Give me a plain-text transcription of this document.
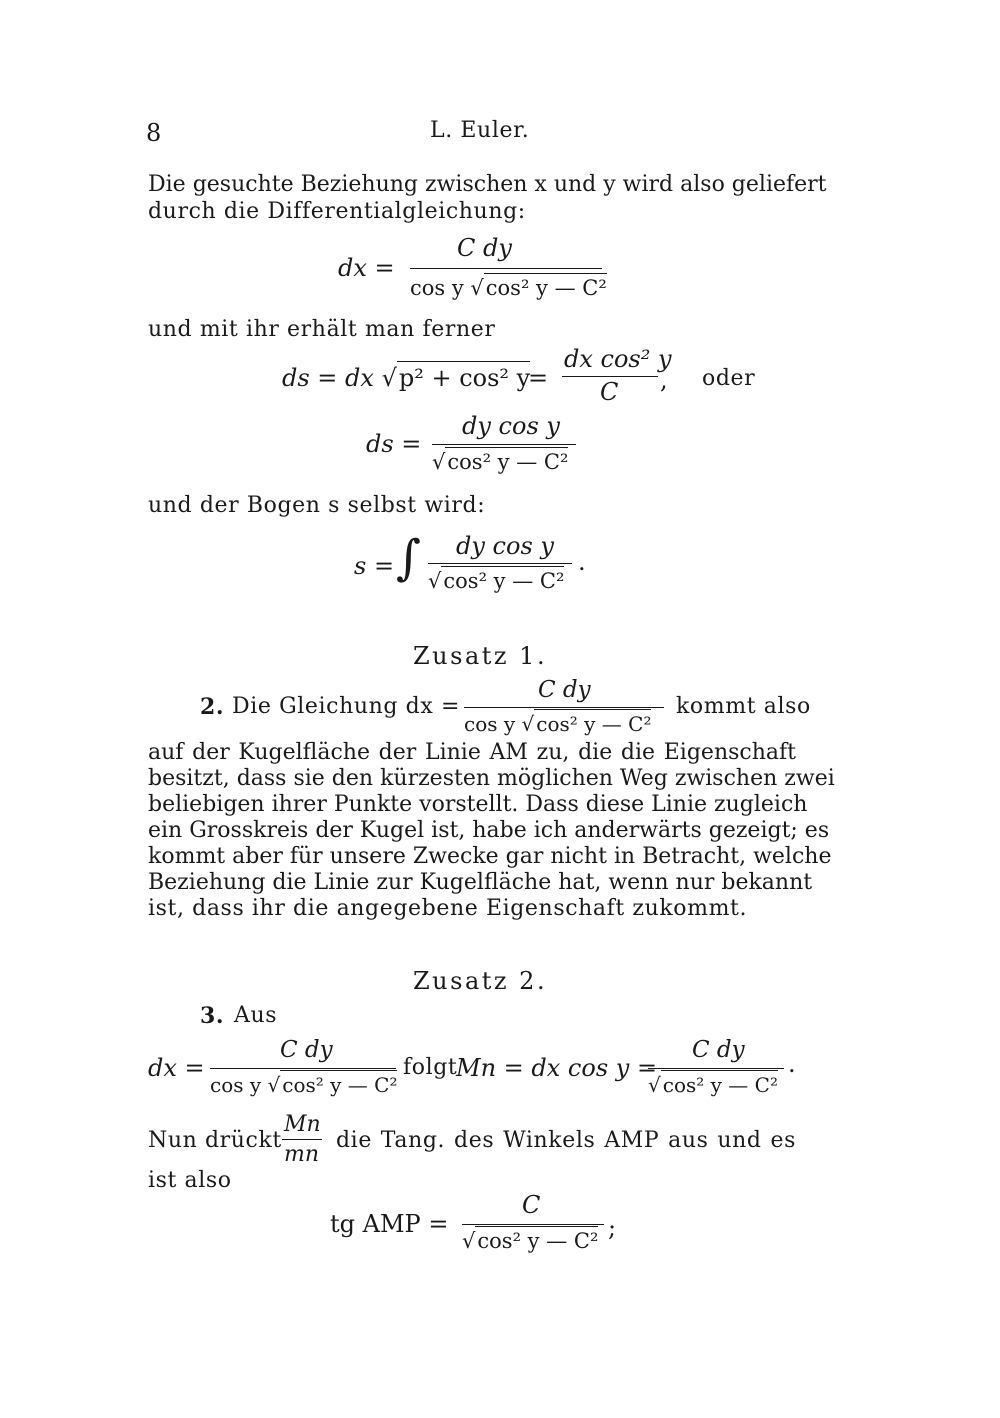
8	L. Euler.
Die gesuchte Beziehung zwischen x und y wird also geliefert
durch die Differentialgleichung:
dx =
C dy
cos y √cos² y — C²
und mit ihr erhält man ferner
ds = dx √p² + cos² y
=
dx cos² y
C , oder
ds =
dy cos y
√cos² y — C²
und der Bogen s selbst wird:
s = ∫ dy cos y
√cos² y — C²
.
Zusatz 1.
2. Die Gleichung dx =
C dy
cos y √ cos² y — C²
kommt also
auf der Kugelfläche der Linie AM zu, die die Eigenschaft
besitzt, dass sie den kürzesten möglichen Weg zwischen zwei
beliebigen ihrer Punkte vorstellt. Dass diese Linie zugleich
ein Grosskreis der Kugel ist, habe ich anderwärts gezeigt; es
kommt aber für unsere Zwecke gar nicht in Betracht, welche
Beziehung die Linie zur Kugelfläche hat, wenn nur bekannt
ist, dass ihr die angegebene Eigenschaft zukommt.
Zusatz 2.
3. Aus
dx =
C dy
cos y √ cos² y — C²
folgt
Mn = dx cos y =
C dy
√ cos² y — C²
.
Nun drückt
Mn
mn
die Tang. des Winkels AMP aus und es
ist also
tg AMP =
C
√cos² y — C² ;
